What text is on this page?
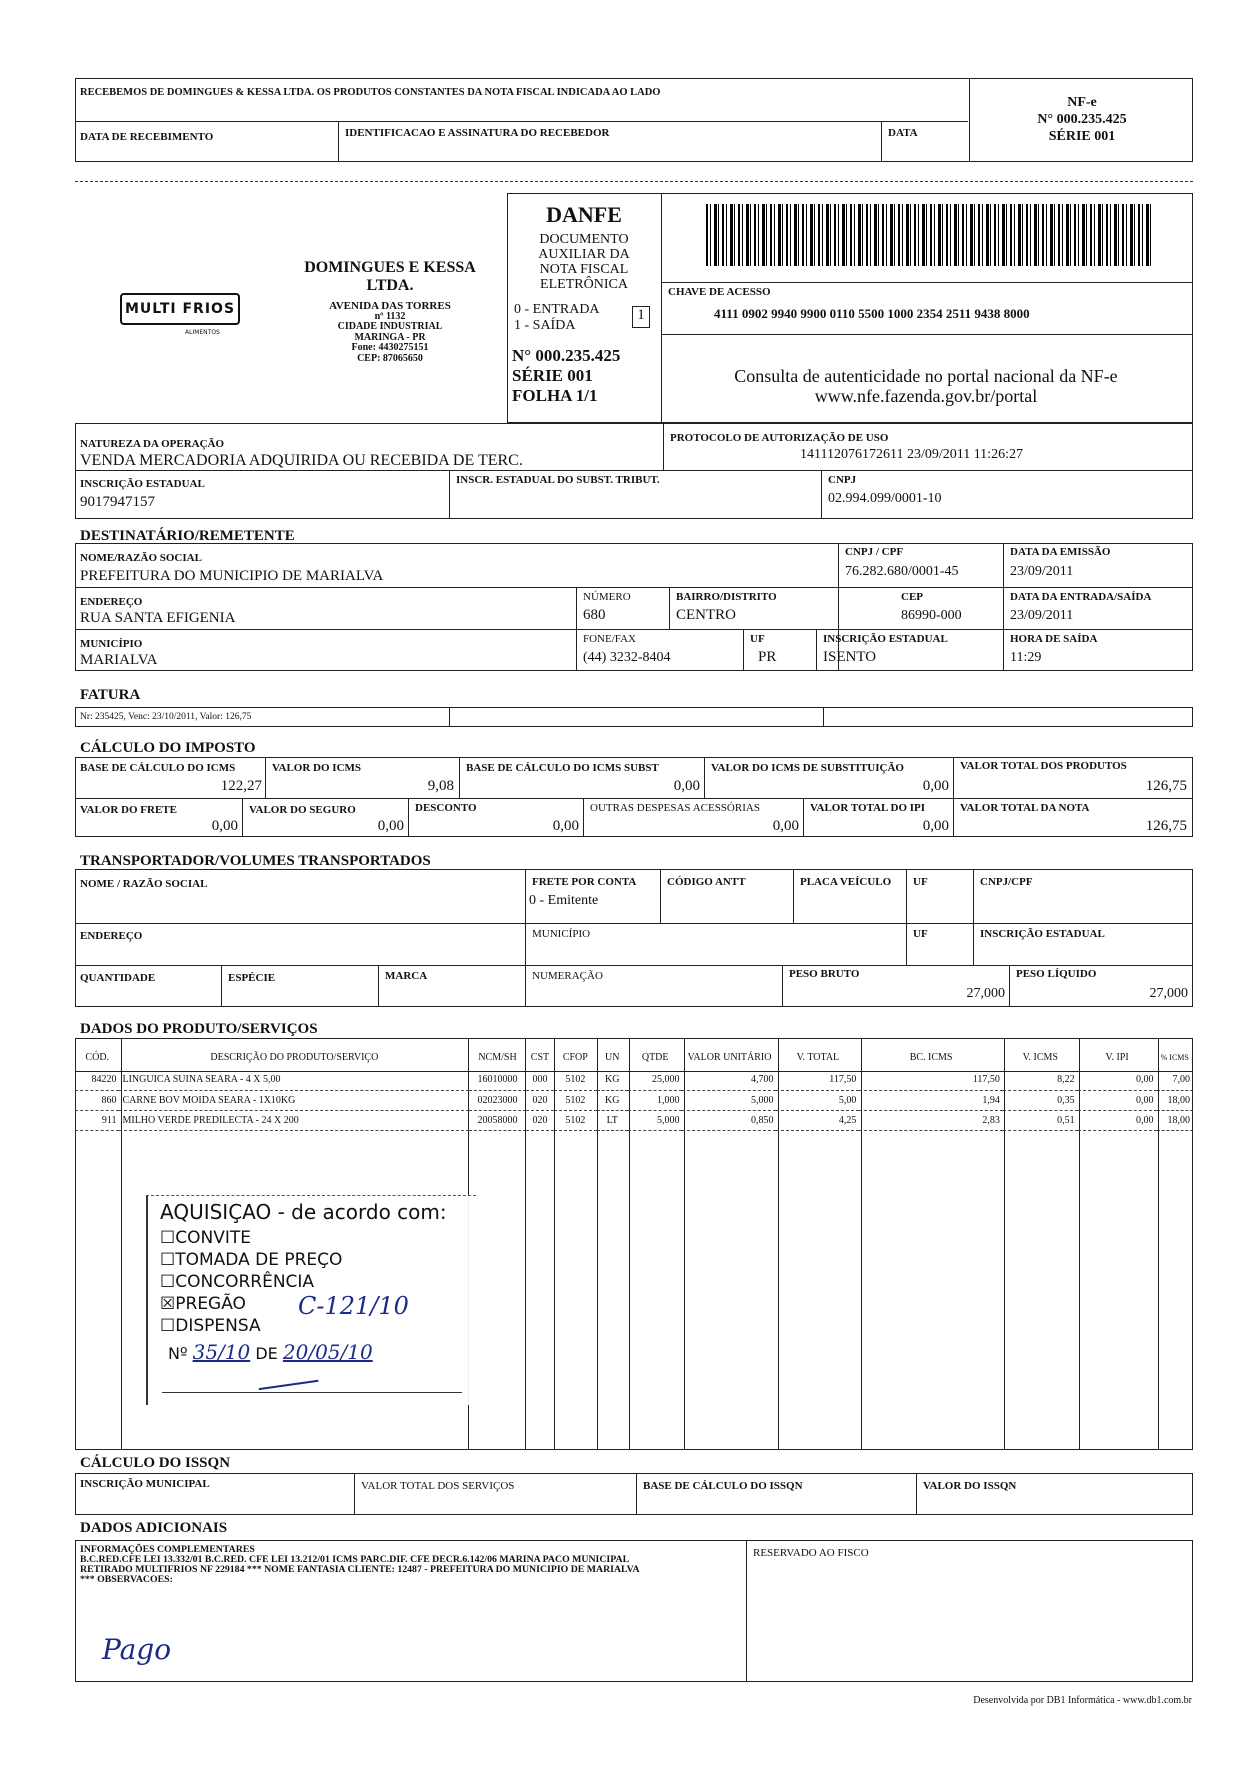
RECEBEMOS DE DOMINGUES & KESSA LTDA. OS PRODUTOS CONSTANTES DA NOTA FISCAL INDICADA AO LADO
DATA DE RECEBIMENTO	IDENTIFICACAO E ASSINATURA DO RECEBEDOR	DATA
NF-e
N° 000.235.425
SÉRIE 001
MULTI FRIOS
ALIMENTOS
DOMINGUES E KESSA
LTDA.
AVENIDA DAS TORRES
nº 1132
CIDADE INDUSTRIAL
MARINGA - PR
Fone: 4430275151
CEP: 87065650
DANFE
DOCUMENTO
AUXILIAR DA
NOTA FISCAL
ELETRÔNICA
0 - ENTRADA
1 - SAÍDA
1
N° 000.235.425
SÉRIE 001
FOLHA 1/1
CHAVE DE ACESSO
4111 0902 9940 9900 0110 5500 1000 2354 2511 9438 8000
Consulta de autenticidade no portal nacional da NF-e
www.nfe.fazenda.gov.br/portal
NATUREZA DA OPERAÇÃO
VENDA MERCADORIA ADQUIRIDA OU RECEBIDA DE TERC.
PROTOCOLO DE AUTORIZAÇÃO DE USO
141112076172611 23/09/2011 11:26:27
INSCRIÇÃO ESTADUAL
9017947157
INSCR. ESTADUAL DO SUBST. TRIBUT.	CNPJ
02.994.099/0001-10
DESTINATÁRIO/REMETENTE
NOME/RAZÃO SOCIAL
PREFEITURA DO MUNICIPIO DE MARIALVA
CNPJ / CPF
76.282.680/0001-45
DATA DA EMISSÃO
23/09/2011
ENDEREÇO
RUA SANTA EFIGENIA
NÚMERO
680
BAIRRO/DISTRITO
CENTRO
CEP
86990-000
DATA DA ENTRADA/SAÍDA
23/09/2011
MUNICÍPIO
MARIALVA
FONE/FAX
(44) 3232-8404
UF
PR
INSCRIÇÃO ESTADUAL
ISENTO
HORA DE SAÍDA
11:29
FATURA
Nr: 235425, Venc: 23/10/2011, Valor: 126,75
CÁLCULO DO IMPOSTO
BASE DE CÁLCULO DO ICMS
122,27
VALOR DO ICMS
9,08
BASE DE CÁLCULO DO ICMS SUBST
0,00
VALOR DO ICMS DE SUBSTITUIÇÃO
0,00
VALOR TOTAL DOS PRODUTOS
126,75
VALOR DO FRETE
0,00
VALOR DO SEGURO
0,00
DESCONTO
0,00
OUTRAS DESPESAS ACESSÓRIAS
0,00
VALOR TOTAL DO IPI
0,00
VALOR TOTAL DA NOTA
126,75
TRANSPORTADOR/VOLUMES TRANSPORTADOS
NOME / RAZÃO SOCIAL	FRETE POR CONTA
0 - Emitente
CÓDIGO ANTT	PLACA VEÍCULO	UF	CNPJ/CPF
ENDEREÇO	MUNICÍPIO	UF	INSCRIÇÃO ESTADUAL
QUANTIDADE	ESPÉCIE	MARCA	NUMERAÇÃO	PESO BRUTO
27,000
PESO LÍQUIDO
27,000
DADOS DO PRODUTO/SERVIÇOS
CÓD.	DESCRIÇÃO DO PRODUTO/SERVIÇO	NCM/SH	CST	CFOP	UN	QTDE	VALOR UNITÁRIO	V. TOTAL	BC. ICMS	V. ICMS	V. IPI	% ICMS
84220	LINGUICA SUINA SEARA - 4 X 5,00	16010000	000	5102	KG	25,000	4,700	117,50	117,50	8,22	0,00	7,00
860	CARNE BOV MOIDA SEARA - 1X10KG	02023000	020	5102	KG	1,000	5,000	5,00	1,94	0,35	0,00	18,00
911	MILHO VERDE PREDILECTA - 24 X 200	20058000	020	5102	LT	5,000	0,850	4,25	2,83	0,51	0,00	18,00
AQUISIÇAO - de acordo com:
☐CONVITE
☐TOMADA DE PREÇO
☐CONCORRÊNCIA
☒PREGÃO C-121/10
☐DISPENSA
Nº 35/10 DE 20/05/10
CÁLCULO DO ISSQN
INSCRIÇÃO MUNICIPAL	VALOR TOTAL DOS SERVIÇOS	BASE DE CÁLCULO DO ISSQN	VALOR DO ISSQN
DADOS ADICIONAIS
INFORMAÇÕES COMPLEMENTARES
B.C.RED.CFE LEI 13.332/01 B.C.RED. CFE LEI 13.212/01 ICMS PARC.DIF. CFE DECR.6.142/06 MARINA PACO MUNICIPAL
RETIRADO MULTIFRIOS NF 229184 *** NOME FANTASIA CLIENTE: 12487 - PREFEITURA DO MUNICIPIO DE MARIALVA
*** OBSERVACOES:
RESERVADO AO FISCO
Pago
Desenvolvida por DB1 Informática - www.db1.com.br
